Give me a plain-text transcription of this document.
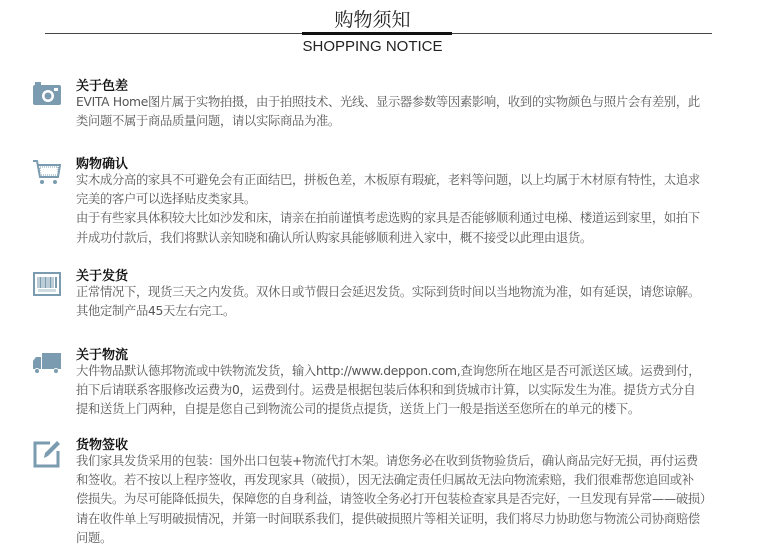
购物须知
SHOPPING NOTICE
关于色差
EVITA Home图片属于实物拍摄，由于拍照技术、光线、显示器参数等因素影响，收到的实物颜色与照片会有差别，此
类问题不属于商品质量问题，请以实际商品为准。
购物确认
实木成分高的家具不可避免会有正面结巴，拼板色差，木板原有瑕疵，老料等问题，以上均属于木材原有特性，太追求
完美的客户可以选择贴皮类家具。
由于有些家具体积较大比如沙发和床，请亲在拍前谨慎考虑选购的家具是否能够顺利通过电梯、楼道运到家里，如拍下
并成功付款后，我们将默认亲知晓和确认所认购家具能够顺利进入家中，概不接受以此理由退货。
关于发货
正常情况下，现货三天之内发货。双休日或节假日会延迟发货。实际到货时间以当地物流为准，如有延误，请您谅解。
其他定制产品45天左右完工。
关于物流
大件物品默认德邦物流或中铁物流发货，输入http://www.deppon.com,查询您所在地区是否可派送区域。运费到付，
拍下后请联系客服修改运费为0，运费到付。运费是根据包装后体积和到货城市计算，以实际发生为准。提货方式分自
提和送货上门两种，自提是您自己到物流公司的提货点提货，送货上门一般是指送至您所在的单元的楼下。
货物签收
我们家具发货采用的包装：国外出口包装+物流代打木架。请您务必在收到货物验货后，确认商品完好无损，再付运费
和签收。若不按以上程序签收，再发现家具（破损），因无法确定责任归属故无法向物流索赔，我们很难帮您追回或补
偿损失。为尽可能降低损失，保障您的自身利益，请签收全务必打开包装检查家具是否完好，一旦发现有异常——破损）
请在收件单上写明破损情况，并第一时间联系我们，提供破损照片等相关证明，我们将尽力协助您与物流公司协商赔偿
问题。
